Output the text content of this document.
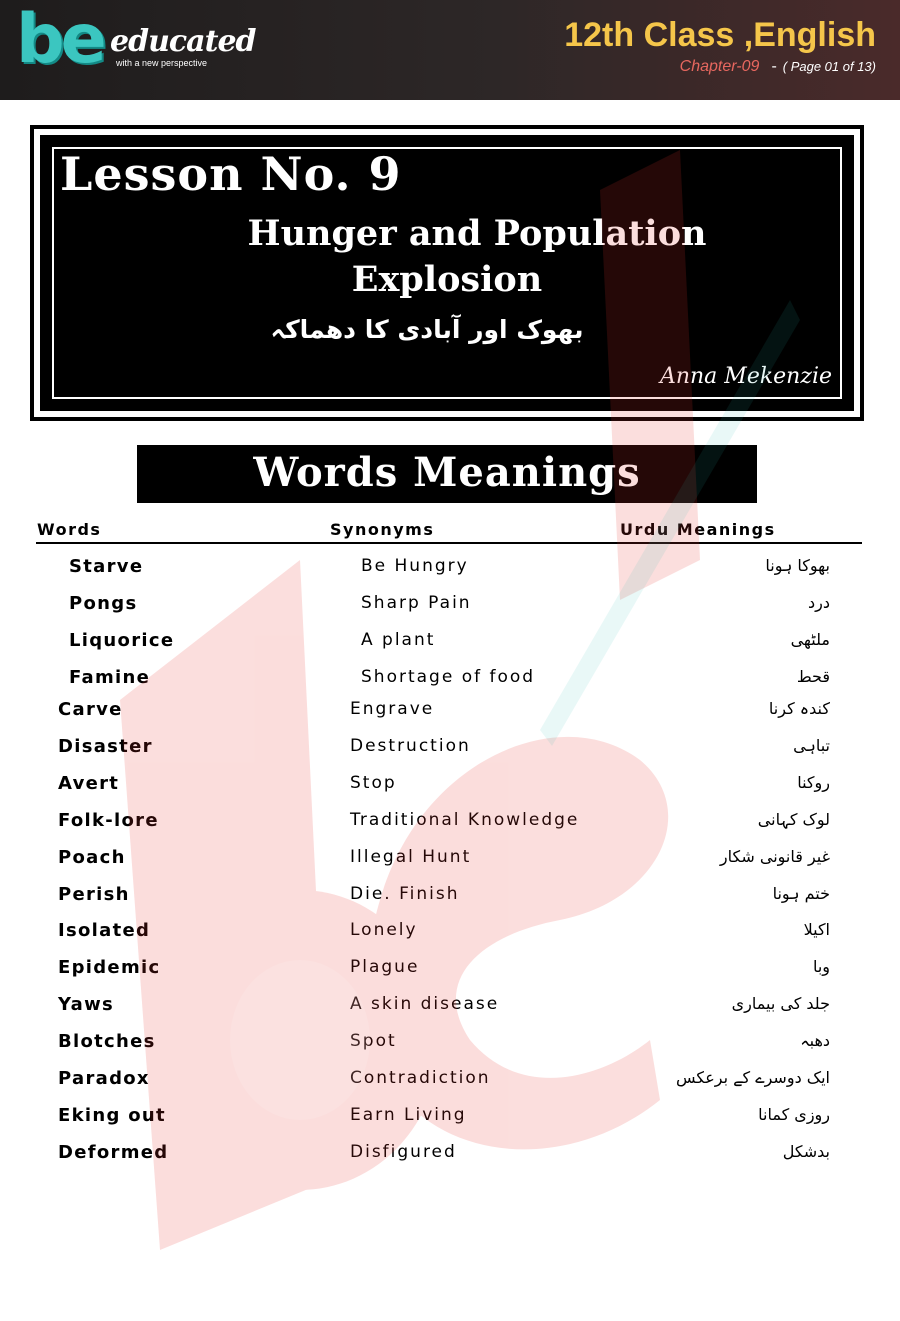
be educated
with a new perspective
12th Class ,English
Chapter-09 - ( Page 01 of 13)
Lesson No. 9
Hunger and Population
Explosion
بھوک اور آبادی کا دھماکہ
Anna Mekenzie
Words Meanings
Words	Synonyms	Urdu Meanings
Starve	Be Hungry	بھوکا ہونا
Pongs	Sharp Pain	درد
Liquorice	A plant	ملٹھی
Famine	Shortage of food	قحط
Carve	Engrave	کندہ کرنا
Disaster	Destruction	تباہی
Avert	Stop	روکنا
Folk-lore	Traditional Knowledge	لوک کہانی
Poach	Illegal Hunt	غیر قانونی شکار
Perish	Die. Finish	ختم ہونا
Isolated	Lonely	اکیلا
Epidemic	Plague	وبا
Yaws	A skin disease	جلد کی بیماری
Blotches	Spot	دھبہ
Paradox	Contradiction	ایک دوسرے کے برعکس
Eking out	Earn Living	روزی کمانا
Deformed	Disfigured	بدشکل
